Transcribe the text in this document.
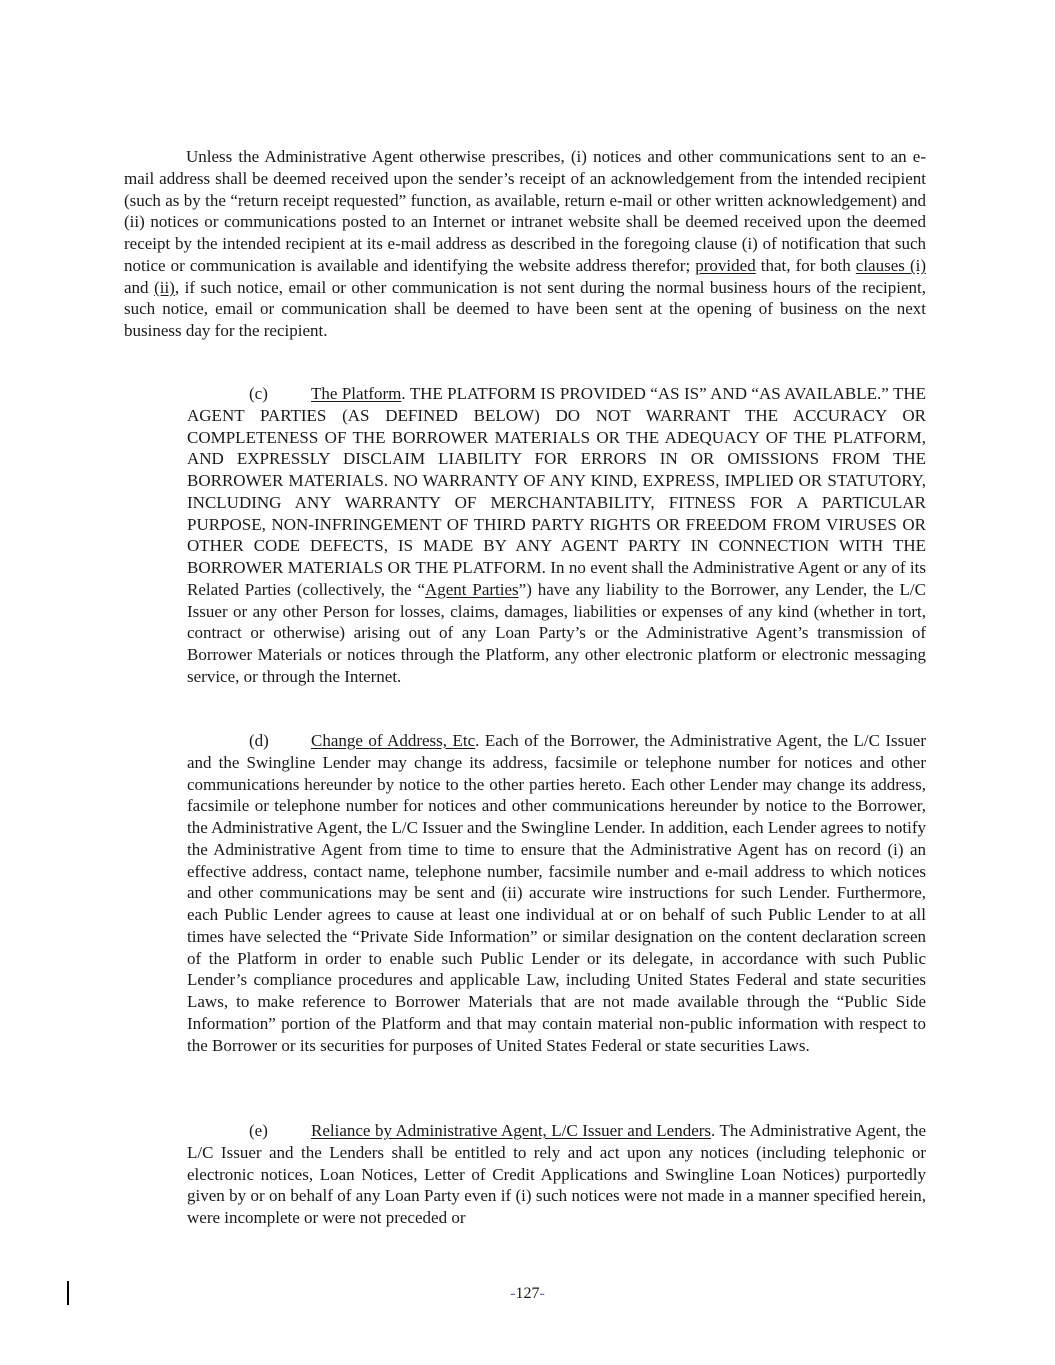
Unless the Administrative Agent otherwise prescribes, (i) notices and other communications sent to an e-mail address shall be deemed received upon the sender’s receipt of an acknowledgement from the intended recipient (such as by the “return receipt requested” function, as available, return e-mail or other written acknowledgement) and (ii) notices or communications posted to an Internet or intranet website shall be deemed received upon the deemed receipt by the intended recipient at its e-mail address as described in the foregoing clause (i) of notification that such notice or communication is available and identifying the website address therefor; provided that, for both clauses (i) and (ii), if such notice, email or other communication is not sent during the normal business hours of the recipient, such notice, email or communication shall be deemed to have been sent at the opening of business on the next business day for the recipient.

(c)	The Platform. THE PLATFORM IS PROVIDED “AS IS” AND “AS AVAILABLE.” THE AGENT PARTIES (AS DEFINED BELOW) DO NOT WARRANT THE ACCURACY OR COMPLETENESS OF THE BORROWER MATERIALS OR THE ADEQUACY OF THE PLATFORM, AND EXPRESSLY DISCLAIM LIABILITY FOR ERRORS IN OR OMISSIONS FROM THE BORROWER MATERIALS. NO WARRANTY OF ANY KIND, EXPRESS, IMPLIED OR STATUTORY, INCLUDING ANY WARRANTY OF MERCHANTABILITY, FITNESS FOR A PARTICULAR PURPOSE, NON-INFRINGEMENT OF THIRD PARTY RIGHTS OR FREEDOM FROM VIRUSES OR OTHER CODE DEFECTS, IS MADE BY ANY AGENT PARTY IN CONNECTION WITH THE BORROWER MATERIALS OR THE PLATFORM. In no event shall the Administrative Agent or any of its Related Parties (collectively, the “Agent Parties”) have any liability to the Borrower, any Lender, the L/C Issuer or any other Person for losses, claims, damages, liabilities or expenses of any kind (whether in tort, contract or otherwise) arising out of any Loan Party’s or the Administrative Agent’s transmission of Borrower Materials or notices through the Platform, any other electronic platform or electronic messaging service, or through the Internet.

(d) Change of Address, Etc. Each of the Borrower, the Administrative Agent, the L/C Issuer and the Swingline Lender may change its address, facsimile or telephone number for notices and other communications hereunder by notice to the other parties hereto. Each other Lender may change its address, facsimile or telephone number for notices and other communications hereunder by notice to the Borrower, the Administrative Agent, the L/C Issuer and the Swingline Lender. In addition, each Lender agrees to notify the Administrative Agent from time to time to ensure that the Administrative Agent has on record (i) an effective address, contact name, telephone number, facsimile number and e-mail address to which notices and other communications may be sent and (ii) accurate wire instructions for such Lender. Furthermore, each Public Lender agrees to cause at least one individual at or on behalf of such Public Lender to at all times have selected the “Private Side Information” or similar designation on the content declaration screen of the Platform in order to enable such Public Lender or its delegate, in accordance with such Public Lender’s compliance procedures and applicable Law, including United States Federal and state securities Laws, to make reference to Borrower Materials that are not made available through the “Public Side Information” portion of the Platform and that may contain material non-public information with respect to the Borrower or its securities for purposes of United States Federal or state securities Laws.

(e)	Reliance by Administrative Agent, L/C Issuer and Lenders. The Administrative Agent, the L/C Issuer and the Lenders shall be entitled to rely and act upon any notices (including telephonic or electronic notices, Loan Notices, Letter of Credit Applications and Swingline Loan Notices) purportedly given by or on behalf of any Loan Party even if (i) such notices were not made in a manner specified herein, were incomplete or were not preceded or

-127-
